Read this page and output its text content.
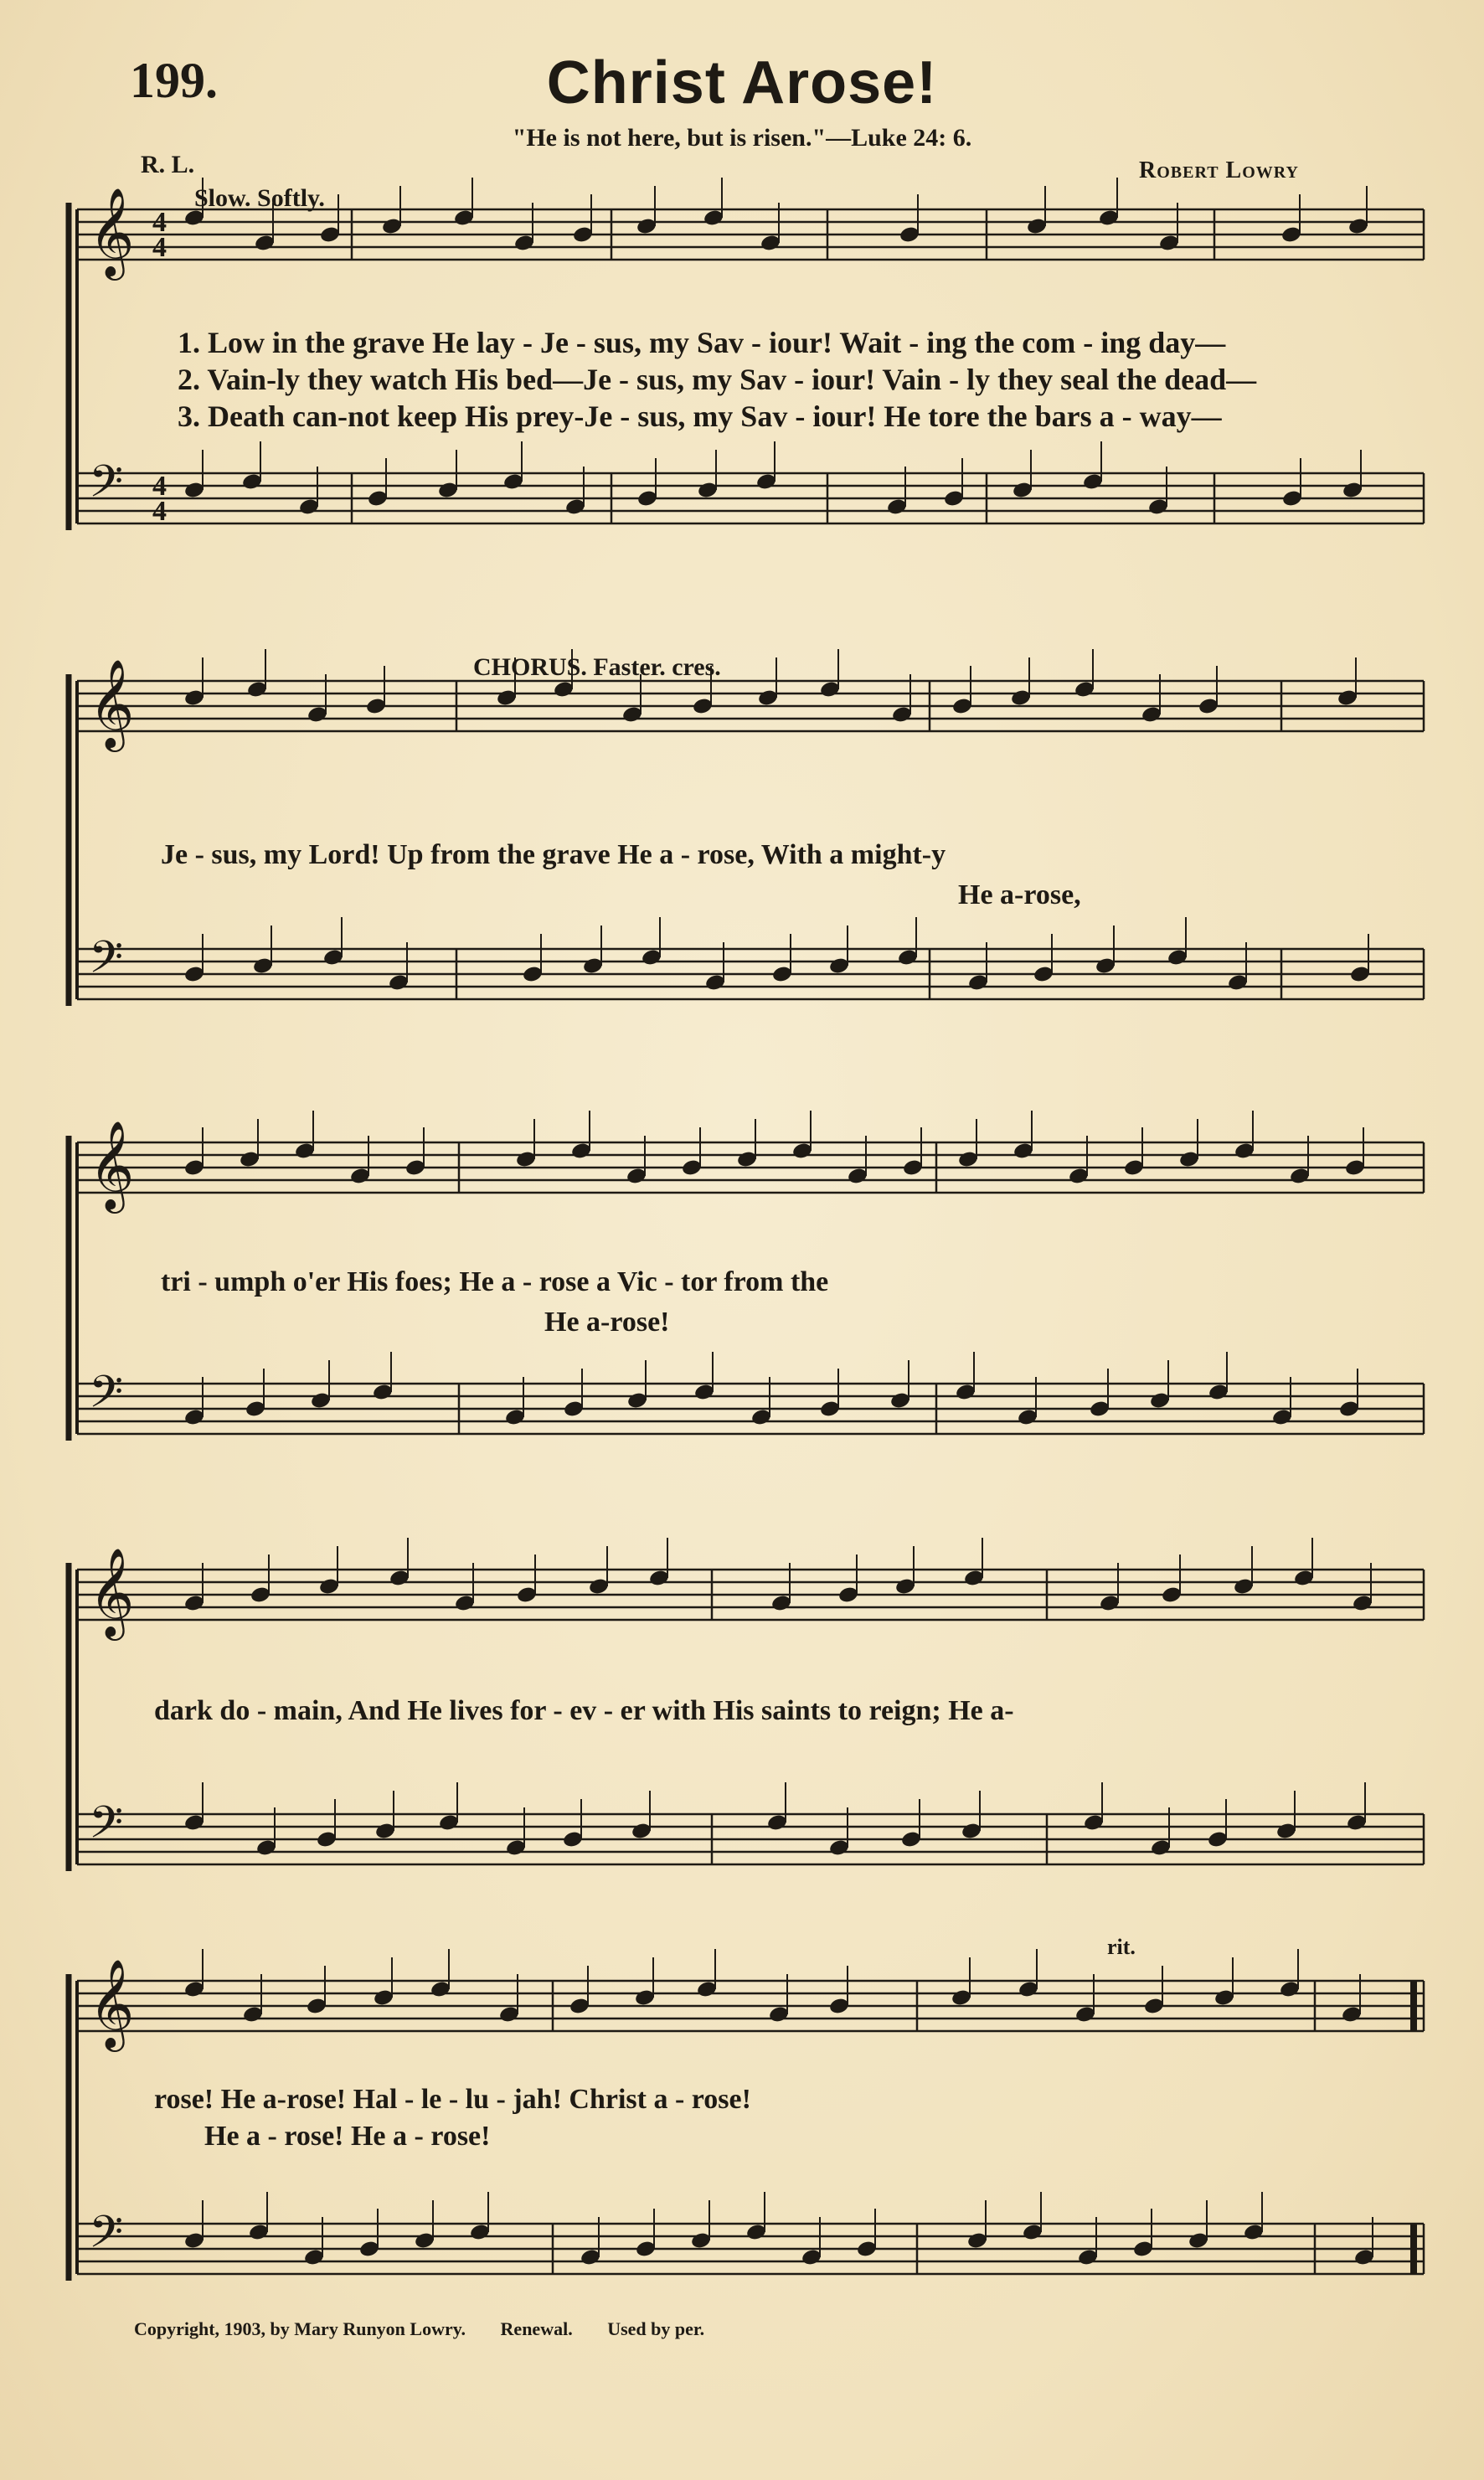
𝄞
𝄢
𝄞
𝄢
𝄞
𝄢
𝄞
𝄢
𝄞
𝄢
4
4
4
4
199.	Christ Arose!
"He is not here, but is risen."—Luke 24: 6.
R. L.	Robert Lowry
Slow. Softly.
CHORUS. Faster. cres.
rit.
1. Low in the grave He lay - Je - sus, my Sav - iour! Wait - ing the com - ing day—
2. Vain-ly they watch His bed—Je - sus, my Sav - iour! Vain - ly they seal the dead—
3. Death can-not keep His prey-Je - sus, my Sav - iour! He tore the bars a - way—
Je - sus, my Lord! Up from the grave He a - rose, With a might-y
He a-rose,
tri - umph o'er His foes; He a - rose a Vic - tor from the
He a-rose!
dark do - main, And He lives for - ev - er with His saints to reign; He a-
rose! He a-rose! Hal - le - lu - jah! Christ a - rose!
He a - rose! He a - rose!
Copyright, 1903, by Mary Runyon Lowry. Renewal. Used by per.
